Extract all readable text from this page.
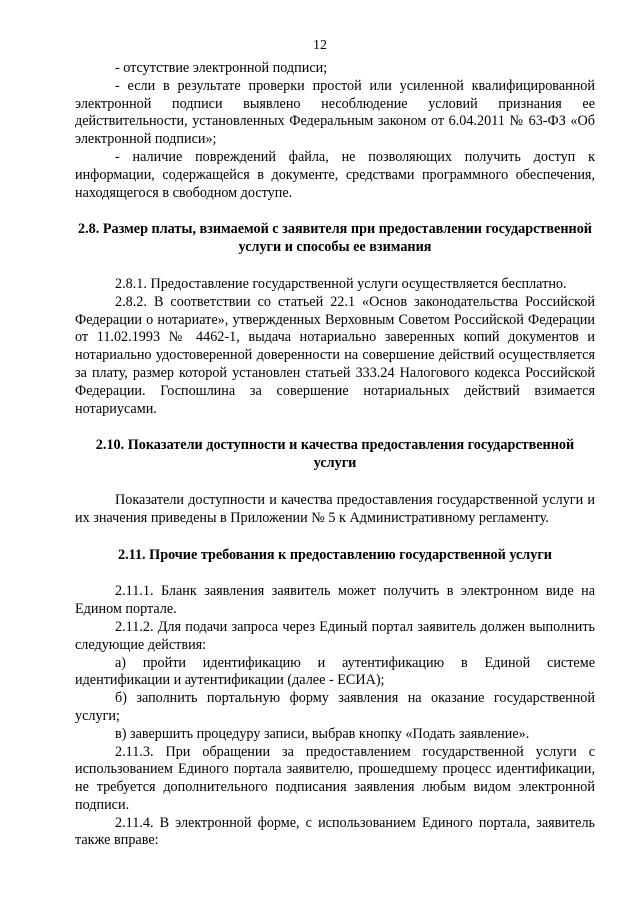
12

- отсутствие электронной подписи;

- если в результате проверки простой или усиленной квалифицированной электронной подписи выявлено несоблюдение условий признания ее действительности, установленных Федеральным законом от 6.04.2011 № 63-ФЗ «Об электронной подписи»;

- наличие повреждений файла, не позволяющих получить доступ к информации, содержащейся в документе, средствами программного обеспечения, находящегося в свободном доступе.

2.8. Размер платы, взимаемой с заявителя при предоставлении государственной услуги и способы ее взимания

2.8.1. Предоставление государственной услуги осуществляется бесплатно.

2.8.2. В соответствии со статьей 22.1 «Основ законодательства Российской Федерации о нотариате», утвержденных Верховным Советом Российской Федерации от 11.02.1993 № 4462-1, выдача нотариально заверенных копий документов и нотариально удостоверенной доверенности на совершение действий осуществляется за плату, размер которой установлен статьей 333.24 Налогового кодекса Российской Федерации. Госпошлина за совершение нотариальных действий взимается нотариусами.

2.10. Показатели доступности и качества предоставления государственной услуги

Показатели доступности и качества предоставления государственной услуги и их значения приведены в Приложении № 5 к Административному регламенту.

2.11. Прочие требования к предоставлению государственной услуги

2.11.1. Бланк заявления заявитель может получить в электронном виде на Едином портале.

2.11.2. Для подачи запроса через Единый портал заявитель должен выполнить следующие действия:

а) пройти идентификацию и аутентификацию в Единой системе идентификации и аутентификации (далее - ЕСИА);

б) заполнить портальную форму заявления на оказание государственной услуги;

в) завершить процедуру записи, выбрав кнопку «Подать заявление».

2.11.3. При обращении за предоставлением государственной услуги с использованием Единого портала заявителю, прошедшему процесс идентификации, не требуется дополнительного подписания заявления любым видом электронной подписи.

2.11.4. В электронной форме, с использованием Единого портала, заявитель также вправе:
